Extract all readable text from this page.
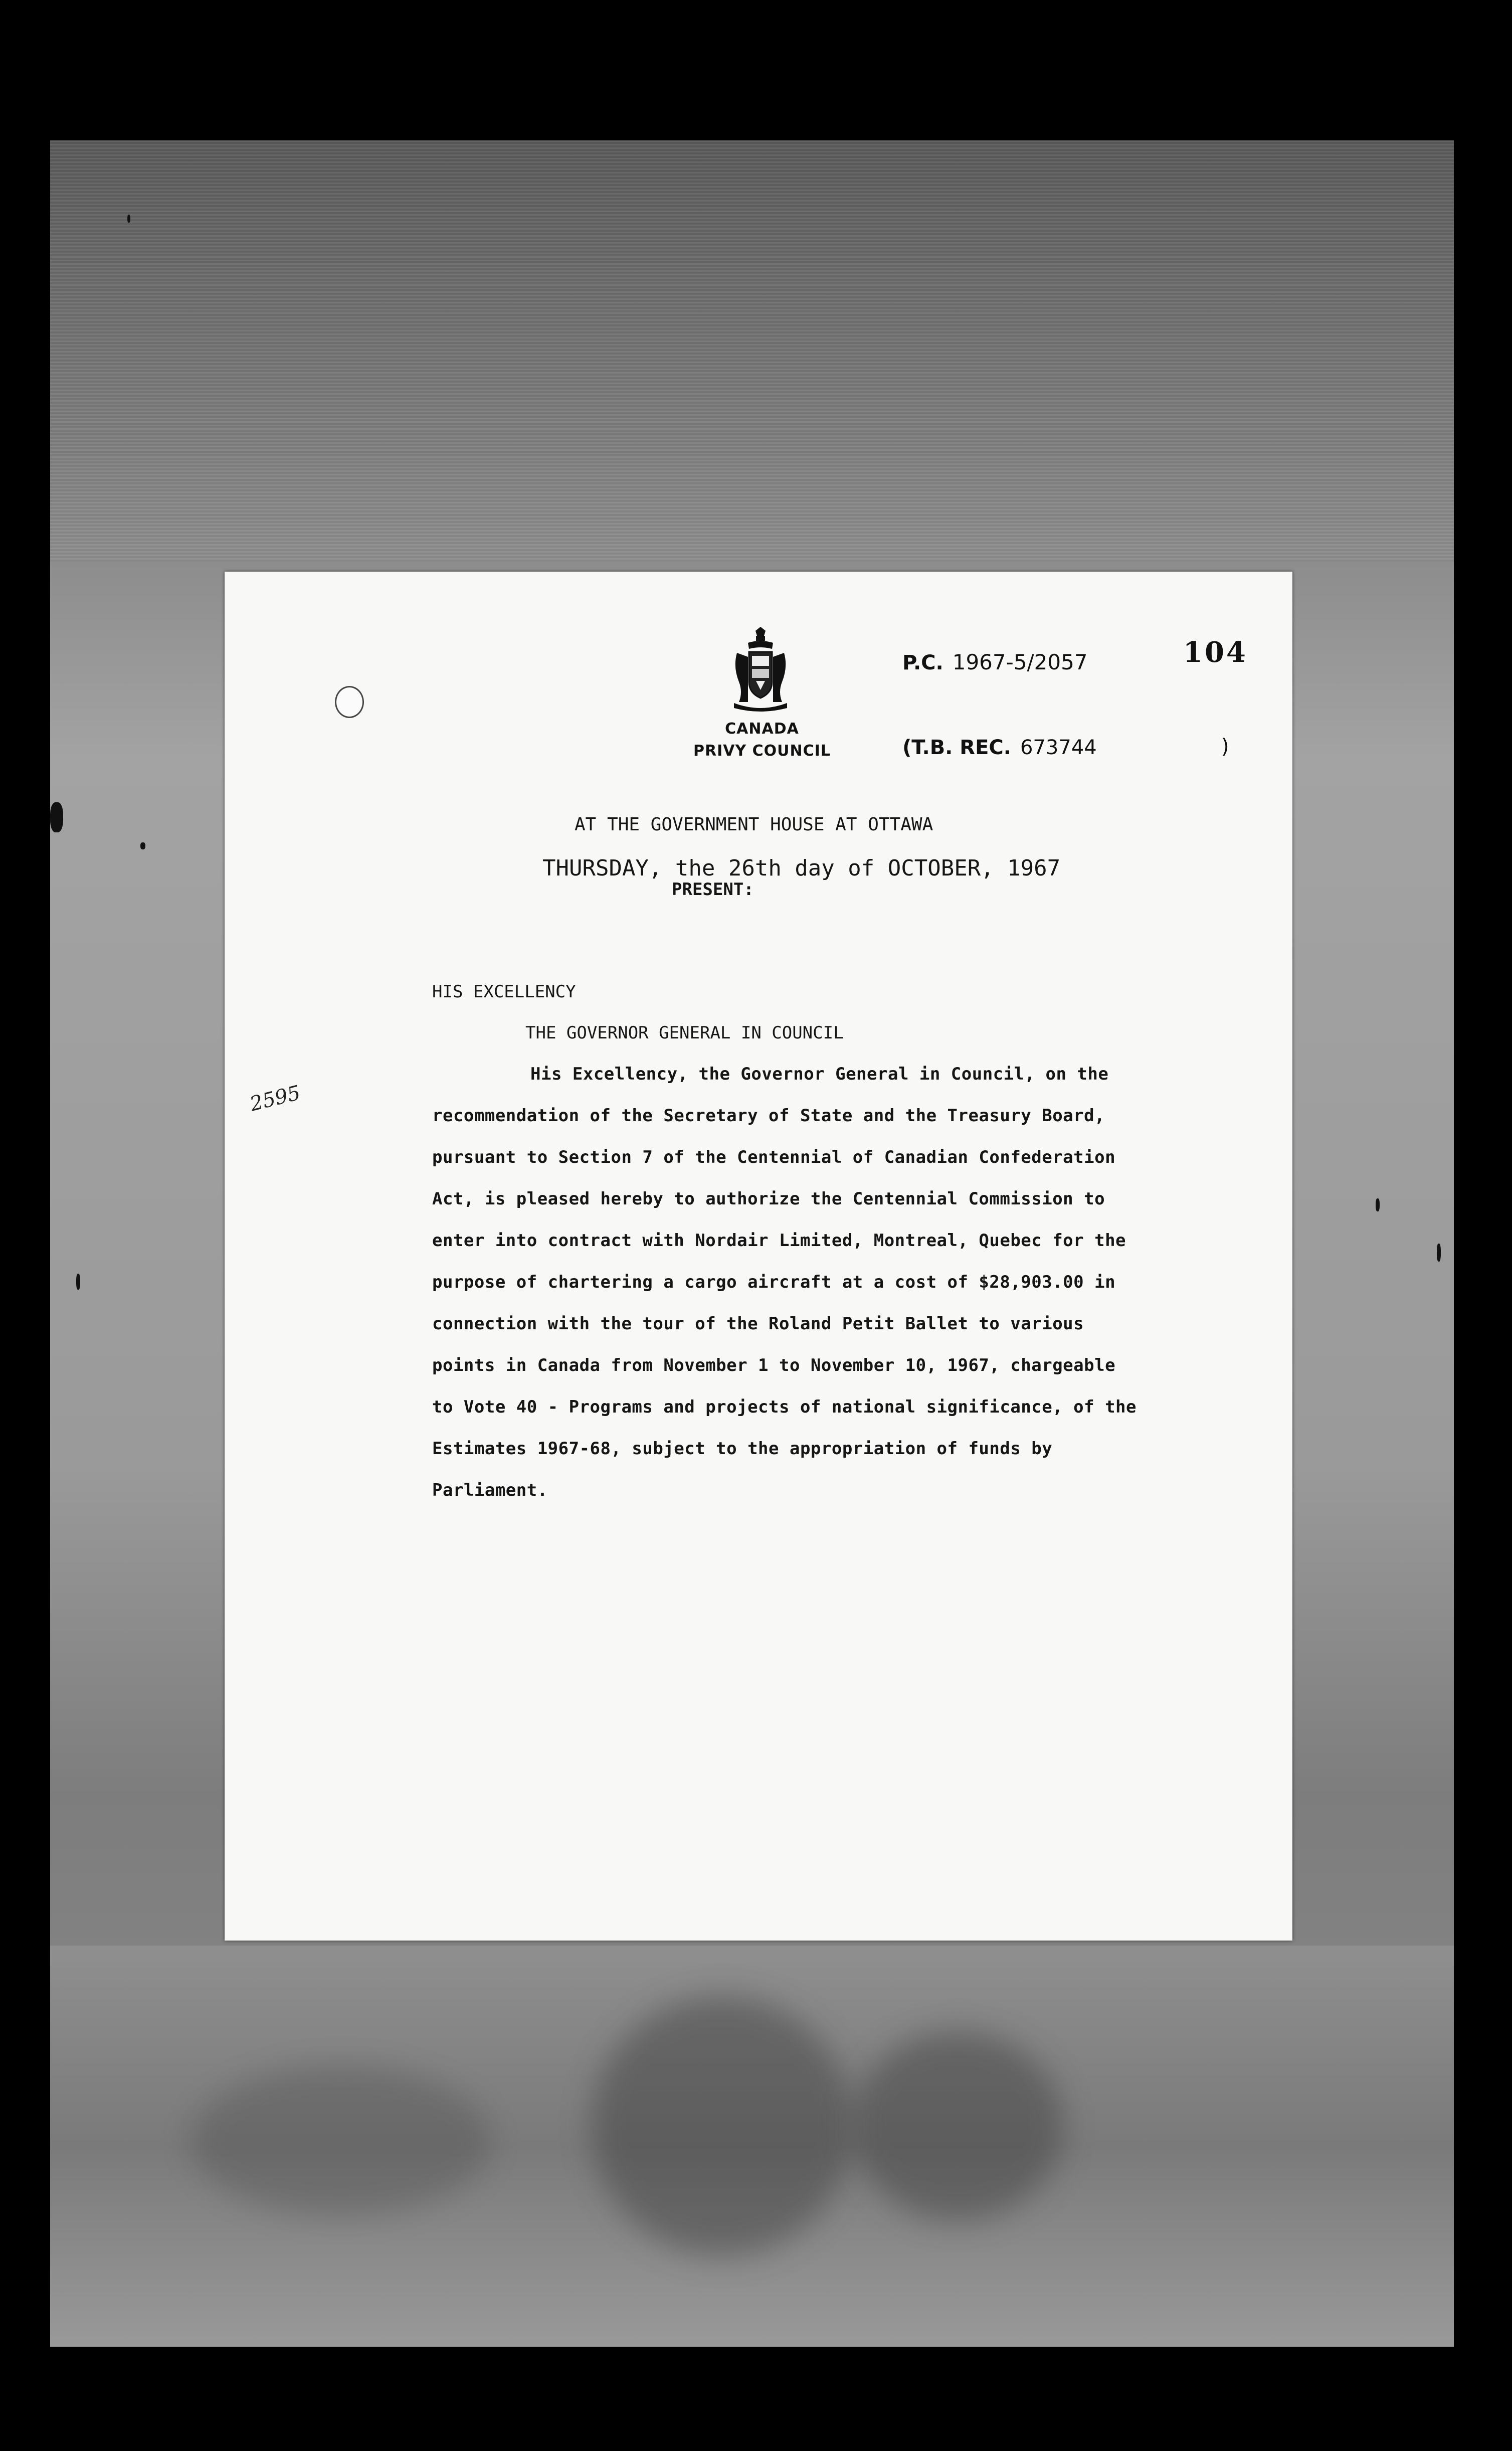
CANADA
PRIVY COUNCIL
P.C. 1967-5/2057	104
(T.B. REC. 673744	)
AT THE GOVERNMENT HOUSE AT OTTAWA
THURSDAY, the 26th day of OCTOBER, 1967
PRESENT:
HIS EXCELLENCY
THE GOVERNOR GENERAL IN COUNCIL
2595
His Excellency, the Governor General in Council, on the
recommendation of the Secretary of State and the Treasury Board,
pursuant to Section 7 of the Centennial of Canadian Confederation
Act, is pleased hereby to authorize the Centennial Commission to
enter into contract with Nordair Limited, Montreal, Quebec for the
purpose of chartering a cargo aircraft at a cost of $28,903.00 in
connection with the tour of the Roland Petit Ballet to various
points in Canada from November 1 to November 10, 1967, chargeable
to Vote 40 - Programs and projects of national significance, of the
Estimates 1967-68, subject to the appropriation of funds by
Parliament.
